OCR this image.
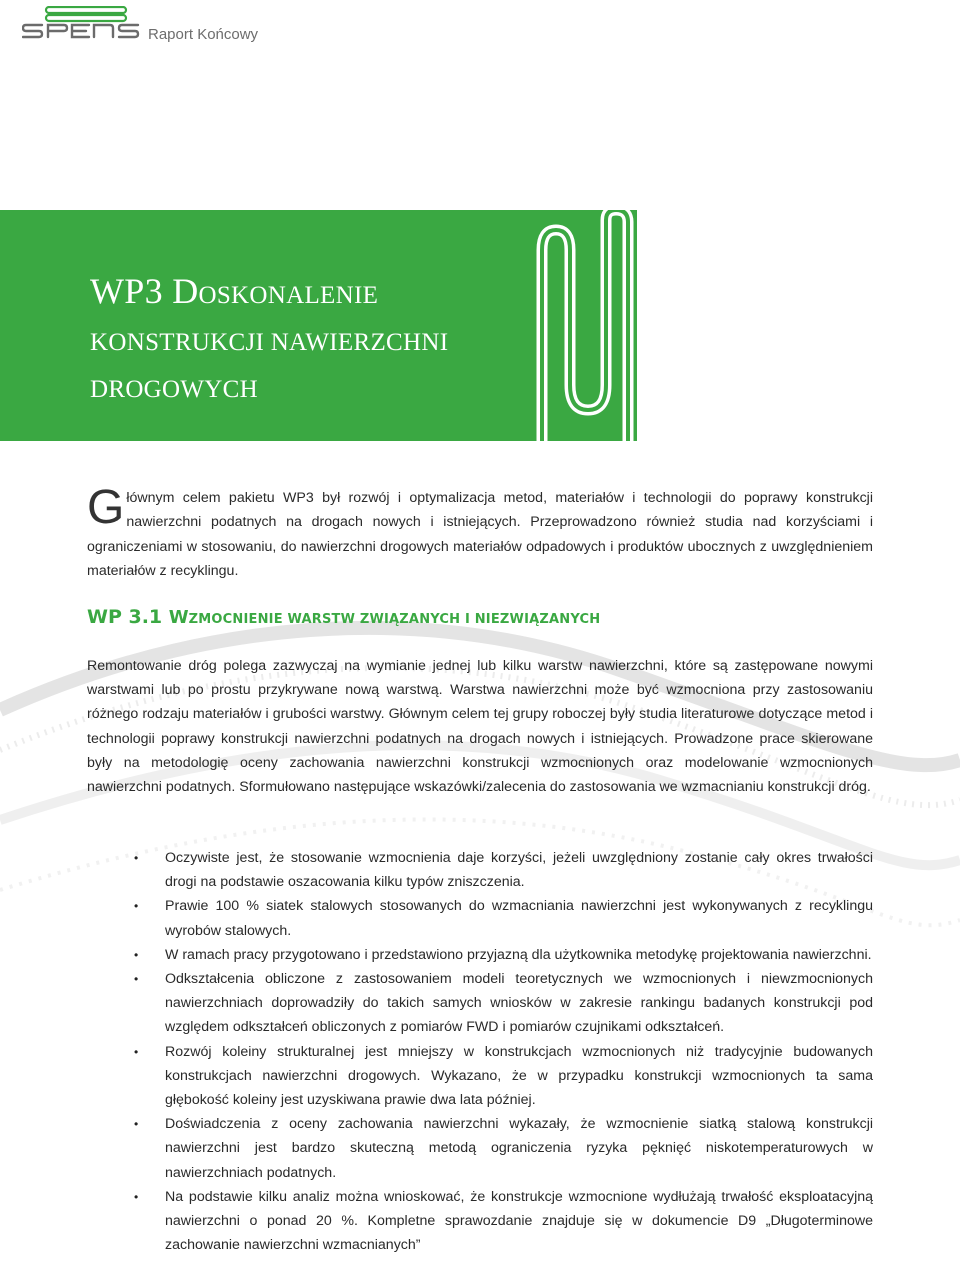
Raport Końcowy
WP3 DOSKONALENIE
KONSTRUKCJI NAWIERZCHNI
DROGOWYCH

Głównym celem pakietu WP3 był rozwój i optymalizacja metod, materiałów i technologii do poprawy konstrukcji nawierzchni podatnych na drogach nowych i istniejących. Przeprowadzono również studia nad korzyściami i ograniczeniami w stosowaniu, do nawierzchni drogowych materiałów odpadowych i produktów ubocznych z uwzględnieniem materiałów z recyklingu.

WP 3.1 WZMOCNIENIE WARSTW ZWIĄZANYCH I NIEZWIĄZANYCH

Remontowanie dróg polega zazwyczaj na wymianie jednej lub kilku warstw nawierzchni, które są zastępowane nowymi warstwami lub po prostu przykrywane nową warstwą. Warstwa nawierzchni może być wzmocniona przy zastosowaniu różnego rodzaju materiałów i grubości warstwy. Głównym celem tej grupy roboczej były studia literaturowe dotyczące metod i technologii poprawy konstrukcji nawierzchni podatnych na drogach nowych i istniejących. Prowadzone prace skierowane były na metodologię oceny zachowania nawierzchni konstrukcji wzmocnionych oraz modelowanie wzmocnionych nawierzchni podatnych. Sformułowano następujące wskazówki/zalecenia do zastosowania we wzmacnianiu konstrukcji dróg.

• Oczywiste jest, że stosowanie wzmocnienia daje korzyści, jeżeli uwzględniony zostanie cały okres trwałości drogi na podstawie oszacowania kilku typów zniszczenia.
• Prawie 100 % siatek stalowych stosowanych do wzmacniania nawierzchni jest wykonywanych z recyklingu wyrobów stalowych.
• W ramach pracy przygotowano i przedstawiono przyjazną dla użytkownika metodykę projektowania nawierzchni.
• Odkształcenia obliczone z zastosowaniem modeli teoretycznych we wzmocnionych i niewzmocnionych nawierzchniach doprowadziły do takich samych wniosków w zakresie rankingu badanych konstrukcji pod względem odkształceń obliczonych z pomiarów FWD i pomiarów czujnikami odkształceń.
• Rozwój koleiny strukturalnej jest mniejszy w konstrukcjach wzmocnionych niż tradycyjnie budowanych konstrukcjach nawierzchni drogowych. Wykazano, że w przypadku konstrukcji wzmocnionych ta sama głębokość koleiny jest uzyskiwana prawie dwa lata później.
• Doświadczenia z oceny zachowania nawierzchni wykazały, że wzmocnienie siatką stalową konstrukcji nawierzchni jest bardzo skuteczną metodą ograniczenia ryzyka pęknięć niskotemperaturowych w nawierzchniach podatnych.
• Na podstawie kilku analiz można wnioskować, że konstrukcje wzmocnione wydłużają trwałość eksploatacyjną nawierzchni o ponad 20 %. Kompletne sprawozdanie znajduje się w dokumencie D9 „Długoterminowe zachowanie nawierzchni wzmacnianych”
